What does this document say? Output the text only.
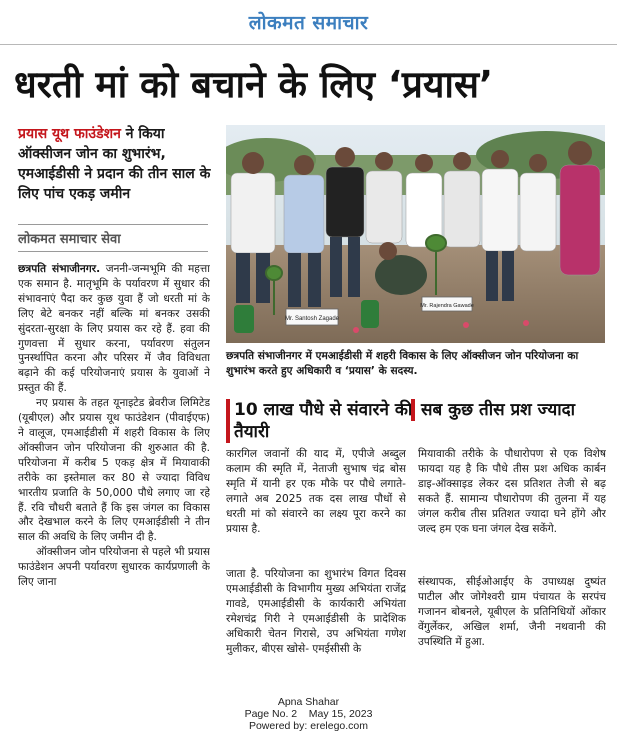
लोकमत समाचार
धरती मां को बचाने के लिए ‘प्रयास’
प्रयास यूथ फाउंडेशन ने किया ऑक्सीजन जोन का शुभारंभ, एमआईडीसी ने प्रदान की तीन साल के लिए पांच एकड़ जमीन
लोकमत समाचार सेवा

छत्रपति संभाजीनगर. जननी-जन्मभूमि की महत्ता एक समान है. मातृभूमि के पर्यावरण में सुधार की संभावनाएं पैदा कर कुछ युवा हैं जो धरती मां के लिए बेटे बनकर नहीं बल्कि मां बनकर उसकी सुंदरता-सुरक्षा के लिए प्रयास कर रहे हैं. हवा की गुणवत्ता में सुधार करना, पर्यावरण संतुलन पुनर्स्थापित करना और परिसर में जैव विविधता बढ़ाने की कई परियोजनाएं प्रयास के युवाओं ने प्रस्तुत की हैं.

नए प्रयास के तहत यूनाइटेड ब्रेवरीज लिमिटेड (यूबीएल) और प्रयास यूथ फाउंडेशन (पीवाईएफ) ने वालूज, एमआईडीसी में शहरी विकास के लिए ऑक्सीजन जोन परियोजना की शुरुआत की है. परियोजना में करीब 5 एकड़ क्षेत्र में मियावाकी तरीके का इस्तेमाल कर 80 से ज्यादा विविध भारतीय प्रजाति के 50,000 पौधे लगाए जा रहे हैं. रवि चौधरी बताते हैं कि इस जंगल का विकास और देखभाल करने के लिए एमआईडीसी ने तीन साल की अवधि के लिए जमीन दी है.

ऑक्सीजन जोन परियोजना से पहले भी प्रयास फाउंडेशन अपनी पर्यावरण सुधारक कार्यप्रणाली के लिए जाना

Mr. Santosh Zagade
Mr. Rajendra Gawade
छत्रपति संभाजीनगर में एमआईडीसी में शहरी विकास के लिए ऑक्सीजन जोन परियोजना का शुभारंभ करते हुए अधिकारी व ‘प्रयास’ के सदस्य.
10 लाख पौधे से संवारने की तैयारी
सब कुछ तीस प्रश ज्यादा

कारगिल जवानों की याद में, एपीजे अब्दुल कलाम की स्मृति में, नेताजी सुभाष चंद्र बोस स्मृति में यानी हर एक मौके पर पौधे लगाते-लगाते अब 2025 तक दस लाख पौधों से धरती मां को संवारने का लक्ष्य पूरा करने का प्रयास है.

मियावाकी तरीके के पौधारोपण से एक विशेष फायदा यह है कि पौधे तीस प्रश अधिक कार्बन डाइ-ऑक्साइड लेकर दस प्रतिशत तेजी से बढ़ सकते हैं. सामान्य पौधारोपण की तुलना में यह जंगल करीब तीस प्रतिशत ज्यादा घने होंगे और जल्द हम एक घना जंगल देख सकेंगे.

जाता है. परियोजना का शुभारंभ विगत दिवस एमआईडीसी के विभागीय मुख्य अभियंता राजेंद्र गावडे, एमआईडीसी के कार्यकारी अभियंता रमेशचंद्र गिरी ने एमआईडीसी के प्रादेशिक अधिकारी चेतन गिरासे, उप अभियंता गणेश मुलीकर, बीएस खोसे- एमईसीसी के

संस्थापक, सीईओआईए के उपाध्यक्ष दुष्यंत पाटील और जोगेश्वरी ग्राम पंचायत के सरपंच गजानन बोबनले, यूबीएल के प्रतिनिधियों ओंकार वेंगुर्लेकर, अखिल शर्मा, जैनी नथवानी की उपस्थिति में हुआ.

Apna Shahar
Page No. 2    May 15, 2023
Powered by: erelego.com
